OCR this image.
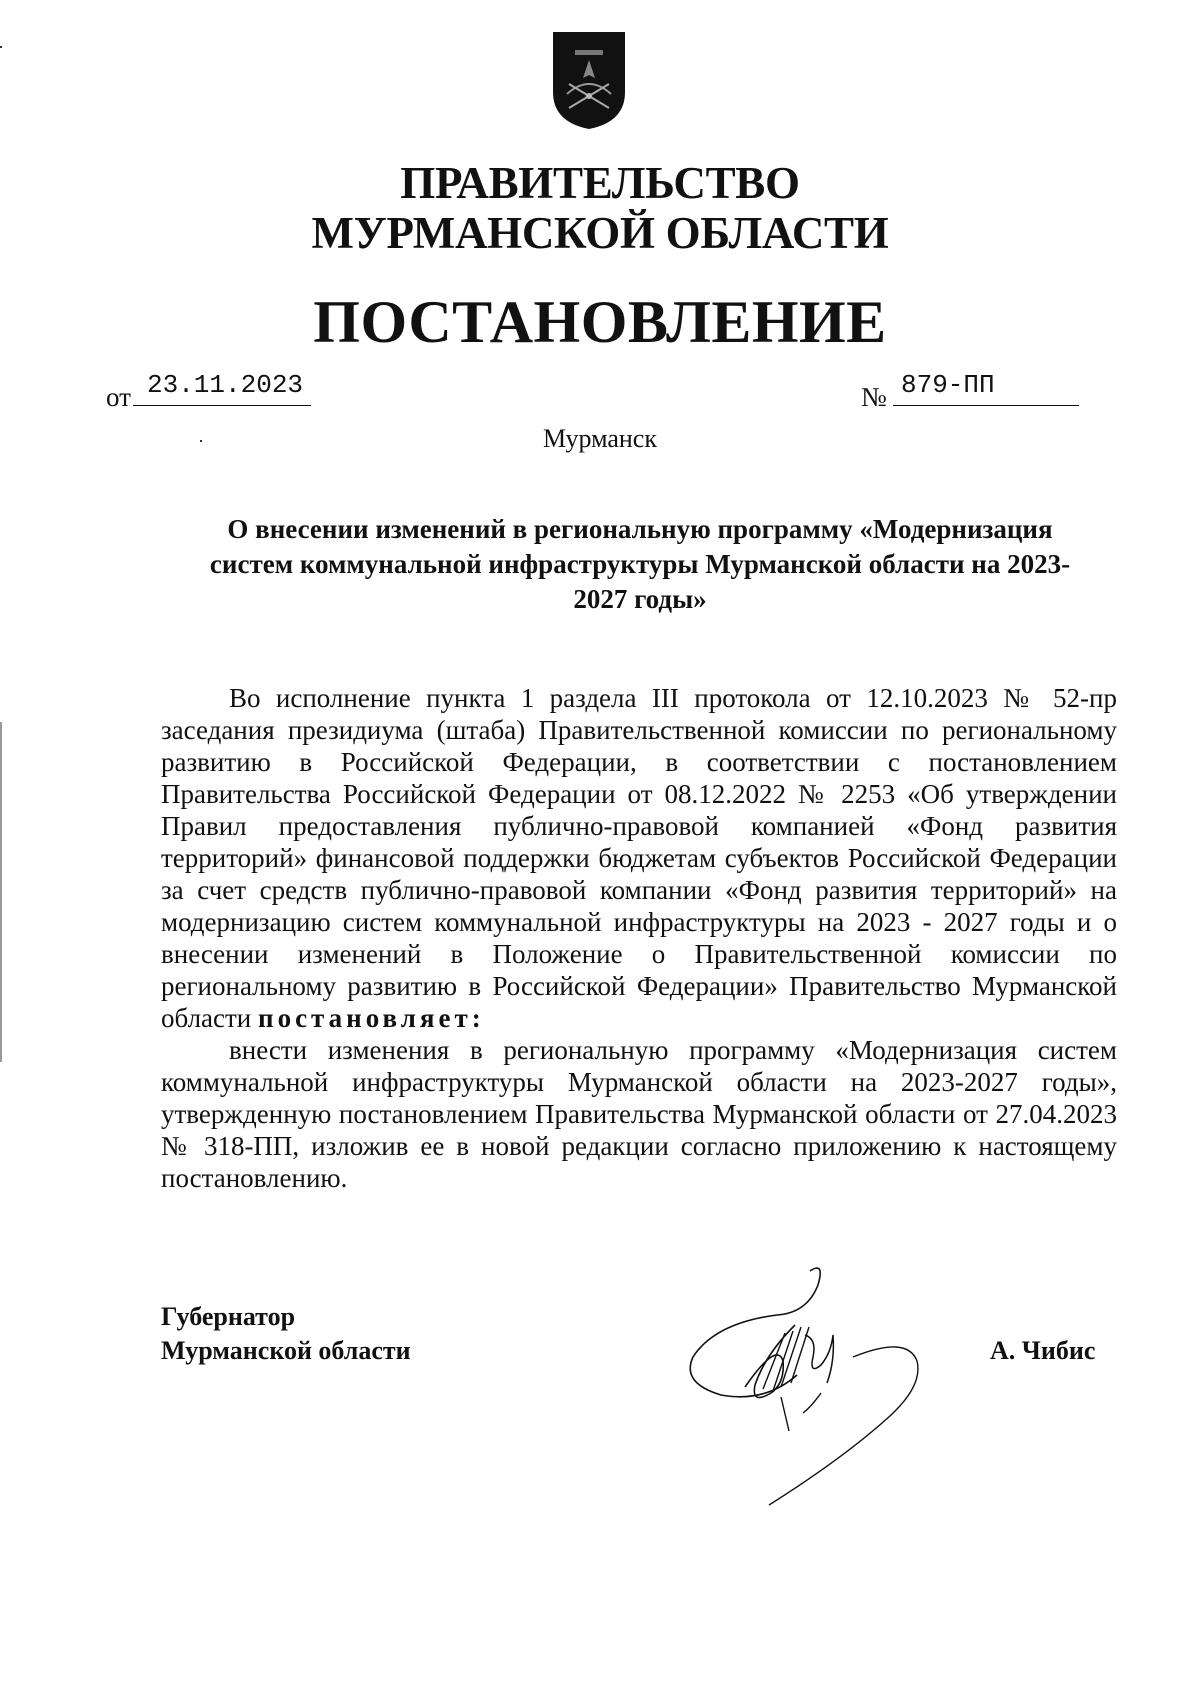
ПРАВИТЕЛЬСТВО
МУРМАНСКОЙ ОБЛАСТИ
ПОСТАНОВЛЕНИЕ
от 23.11.2023	№ 879-ПП
Мурманск
О внесении изменений в региональную программу «Модернизация
систем коммунальной инфраструктуры Мурманской области на 2023-
2027 годы»

Во исполнение пункта 1 раздела III протокола от 12.10.2023 № 52-пр заседания президиума (штаба) Правительственной комиссии по региональному развитию в Российской Федерации, в соответствии с постановлением Правительства Российской Федерации от 08.12.2022 № 2253 «Об утверждении Правил предоставления публично-правовой компанией «Фонд развития территорий» финансовой поддержки бюджетам субъектов Российской Федерации за счет средств публично-правовой компании «Фонд развития территорий» на модернизацию систем коммунальной инфраструктуры на 2023 - 2027 годы и о внесении изменений в Положение о Правительственной комиссии по региональному развитию в Российской Федерации» Правительство Мурманской области постановляет:

внести изменения в региональную программу «Модернизация систем коммунальной инфраструктуры Мурманской области на 2023-2027 годы», утвержденную постановлением Правительства Мурманской области от 27.04.2023 № 318-ПП, изложив ее в новой редакции согласно приложению к настоящему постановлению.

Губернатор
Мурманской области	А. Чибис
